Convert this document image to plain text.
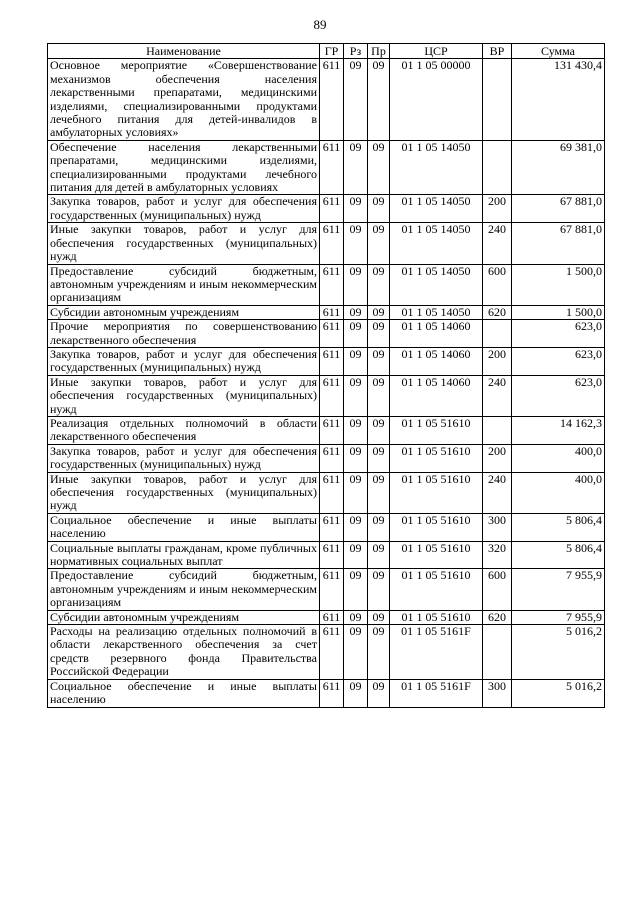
89
Наименование	ГР	Рз	Пр	ЦСР	ВР	Сумма
Основное мероприятие «Совершенствование механизмов обеспечения населения лекарственными препаратами, медицинскими изделиями, специализированными продуктами лечебного питания для детей-инвалидов в амбулаторных условиях»	611	09	09	01 1 05 00000		131 430,4
Обеспечение населения лекарственными препаратами, медицинскими изделиями, специализированными продуктами лечебного питания для детей в амбулаторных условиях	611	09	09	01 1 05 14050		69 381,0
Закупка товаров, работ и услуг для обеспечения государственных (муниципальных) нужд	611	09	09	01 1 05 14050	200	67 881,0
Иные закупки товаров, работ и услуг для обеспечения государственных (муниципальных) нужд	611	09	09	01 1 05 14050	240	67 881,0
Предоставление субсидий бюджетным, автономным учреждениям и иным некоммерческим организациям	611	09	09	01 1 05 14050	600	1 500,0
Субсидии автономным учреждениям	611	09	09	01 1 05 14050	620	1 500,0
Прочие мероприятия по совершенствованию лекарственного обеспечения	611	09	09	01 1 05 14060		623,0
Закупка товаров, работ и услуг для обеспечения государственных (муниципальных) нужд	611	09	09	01 1 05 14060	200	623,0
Иные закупки товаров, работ и услуг для обеспечения государственных (муниципальных) нужд	611	09	09	01 1 05 14060	240	623,0
Реализация отдельных полномочий в области лекарственного обеспечения	611	09	09	01 1 05 51610		14 162,3
Закупка товаров, работ и услуг для обеспечения государственных (муниципальных) нужд	611	09	09	01 1 05 51610	200	400,0
Иные закупки товаров, работ и услуг для обеспечения государственных (муниципальных) нужд	611	09	09	01 1 05 51610	240	400,0
Социальное обеспечение и иные выплаты населению	611	09	09	01 1 05 51610	300	5 806,4
Социальные выплаты гражданам, кроме публичных нормативных социальных выплат	611	09	09	01 1 05 51610	320	5 806,4
Предоставление субсидий бюджетным, автономным учреждениям и иным некоммерческим организациям	611	09	09	01 1 05 51610	600	7 955,9
Субсидии автономным учреждениям	611	09	09	01 1 05 51610	620	7 955,9
Расходы на реализацию отдельных полномочий в области лекарственного обеспечения за счет средств резервного фонда Правительства Российской Федерации	611	09	09	01 1 05 5161F		5 016,2
Социальное обеспечение и иные выплаты населению	611	09	09	01 1 05 5161F	300	5 016,2
